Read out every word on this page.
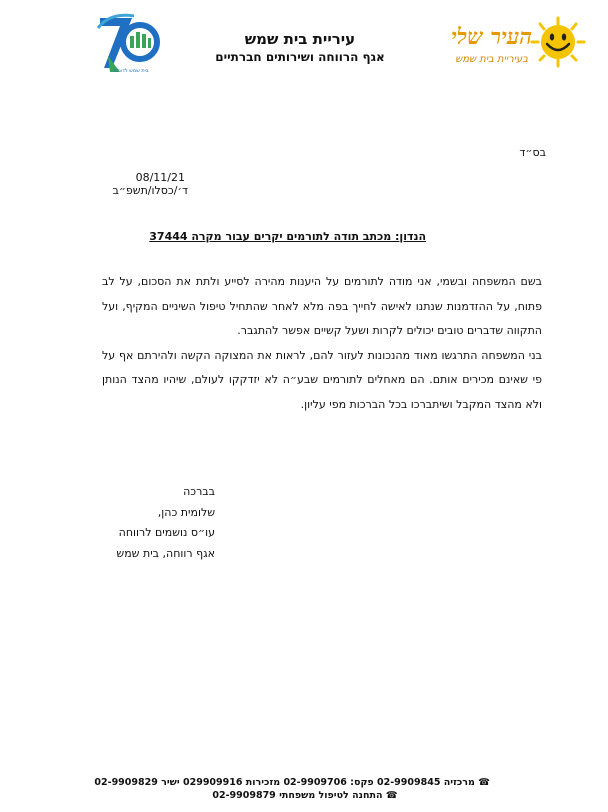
עיריית בית שמש
אגף הרווחה ושירותים חברתיים
העיר שלי
בעיריית בית שמש
בית שמש לדורות
בס״ד
08/11/21
ד׳/כסלו/תשפ״ב
הנדון: מכתב תודה לתורמים יקרים עבור מקרה 37444

בשם המשפחה ובשמי, אני מודה לתורמים על היענות מהירה לסייע ולתת את הסכום, על לב פתוח, על ההזדמנות שנתנו לאישה לחייך בפה מלא לאחר שהתחיל טיפול השיניים המקיף, ועל התקווה שדברים טובים יכולים לקרות ושעל קשיים אפשר להתגבר.

בני המשפחה התרגשו מאוד מהנכונות לעזור להם, לראות את המצוקה הקשה ולהירתם אף על פי שאינם מכירים אותם. הם מאחלים לתורמים שבע״ה לא יזדקקו לעולם, שיהיו מהצד הנותן ולא מהצד המקבל ושיתברכו בכל הברכות מפי עליון.

בברכה
שלומית כהן,
עו״ס נושמים לרווחה
אגף רווחה, בית שמש
☎ מרכזיה 02-9909845 פקס: 02-9909706 מזכירות 029909916 ישיר 02-9909829
☎ התחנה לטיפול משפחתי 02-9909879
